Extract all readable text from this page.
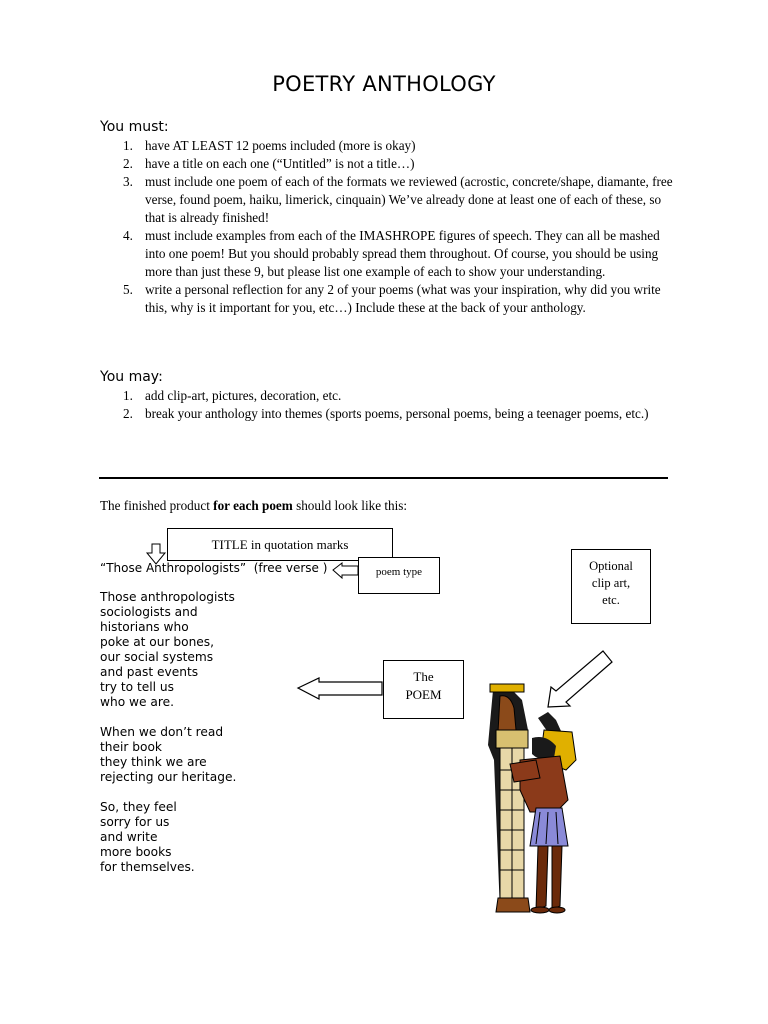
POETRY ANTHOLOGY
You must:
1. have AT LEAST 12 poems included (more is okay)
2. have a title on each one (“Untitled” is not a title…)
3. must include one poem of each of the formats we reviewed (acrostic, concrete/shape, diamante, free verse, found poem, haiku, limerick, cinquain) We’ve already done at least one of each of these, so that is already finished!
4. must include examples from each of the IMASHROPE figures of speech. They can all be mashed into one poem! But you should probably spread them throughout. Of course, you should be using more than just these 9, but please list one example of each to show your understanding.
5. write a personal reflection for any 2 of your poems (what was your inspiration, why did you write this, why is it important for you, etc…) Include these at the back of your anthology.
You may:
1. add clip-art, pictures, decoration, etc.
2. break your anthology into themes (sports poems, personal poems, being a teenager poems, etc.)
The finished product for each poem should look like this:
TITLE in quotation marks
poem type	Optional
clip art,
etc.
The
POEM
“Those Anthropologists”  (free verse )
Those anthropologists
sociologists and
historians who
poke at our bones,
our social systems
and past events
try to tell us
who we are.
When we don’t read
their book
they think we are
rejecting our heritage.
So, they feel
sorry for us
and write
more books
for themselves.
